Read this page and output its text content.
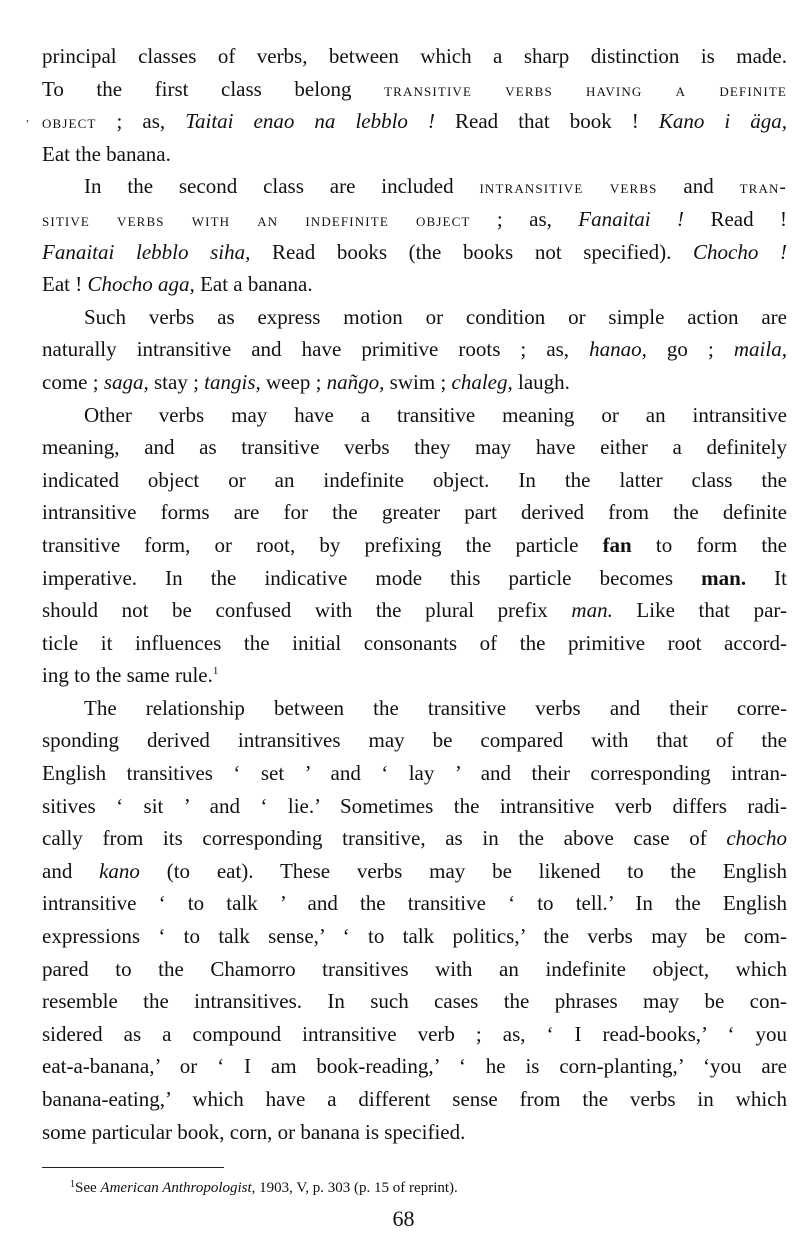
principal classes of verbs, between which a sharp distinction is made.
To the first class belong transitive verbs having a definite
object ; as, Taitai enao na lebblo ! Read that book ! Kano i äga,
Eat the banana.
In the second class are included intransitive verbs and tran-
sitive verbs with an indefinite object ; as, Fanaitai ! Read !
Fanaitai lebblo siha, Read books (the books not specified). Chocho !
Eat ! Chocho aga, Eat a banana.
Such verbs as express motion or condition or simple action are
naturally intransitive and have primitive roots ; as, hanao, go ; maila,
come ; saga, stay ; tangis, weep ; nañgo, swim ; chaleg, laugh.
Other verbs may have a transitive meaning or an intransitive
meaning, and as transitive verbs they may have either a definitely
indicated object or an indefinite object. In the latter class the
intransitive forms are for the greater part derived from the definite
transitive form, or root, by prefixing the particle fan to form the
imperative. In the indicative mode this particle becomes man. It
should not be confused with the plural prefix man. Like that par-
ticle it influences the initial consonants of the primitive root accord-
ing to the same rule.$^1$
The relationship between the transitive verbs and their corre-
sponding derived intransitives may be compared with that of the
English transitives ‘ set ’ and ‘ lay ’ and their corresponding intran-
sitives ‘ sit ’ and ‘ lie.’ Sometimes the intransitive verb differs radi-
cally from its corresponding transitive, as in the above case of chocho
and kano (to eat). These verbs may be likened to the English
intransitive ‘ to talk ’ and the transitive ‘ to tell.’ In the English
expressions ‘ to talk sense,’ ‘ to talk politics,’ the verbs may be com-
pared to the Chamorro transitives with an indefinite object, which
resemble the intransitives. In such cases the phrases may be con-
sidered as a compound intransitive verb ; as, ‘ I read-books,’ ‘ you
eat-a-banana,’ or ‘ I am book-reading,’ ‘ he is corn-planting,’ ‘you are
banana-eating,’ which have a different sense from the verbs in which
some particular book, corn, or banana is specified.
,
$^1$See American Anthropologist, 1903, V, p. 303 (p. 15 of reprint).
68
